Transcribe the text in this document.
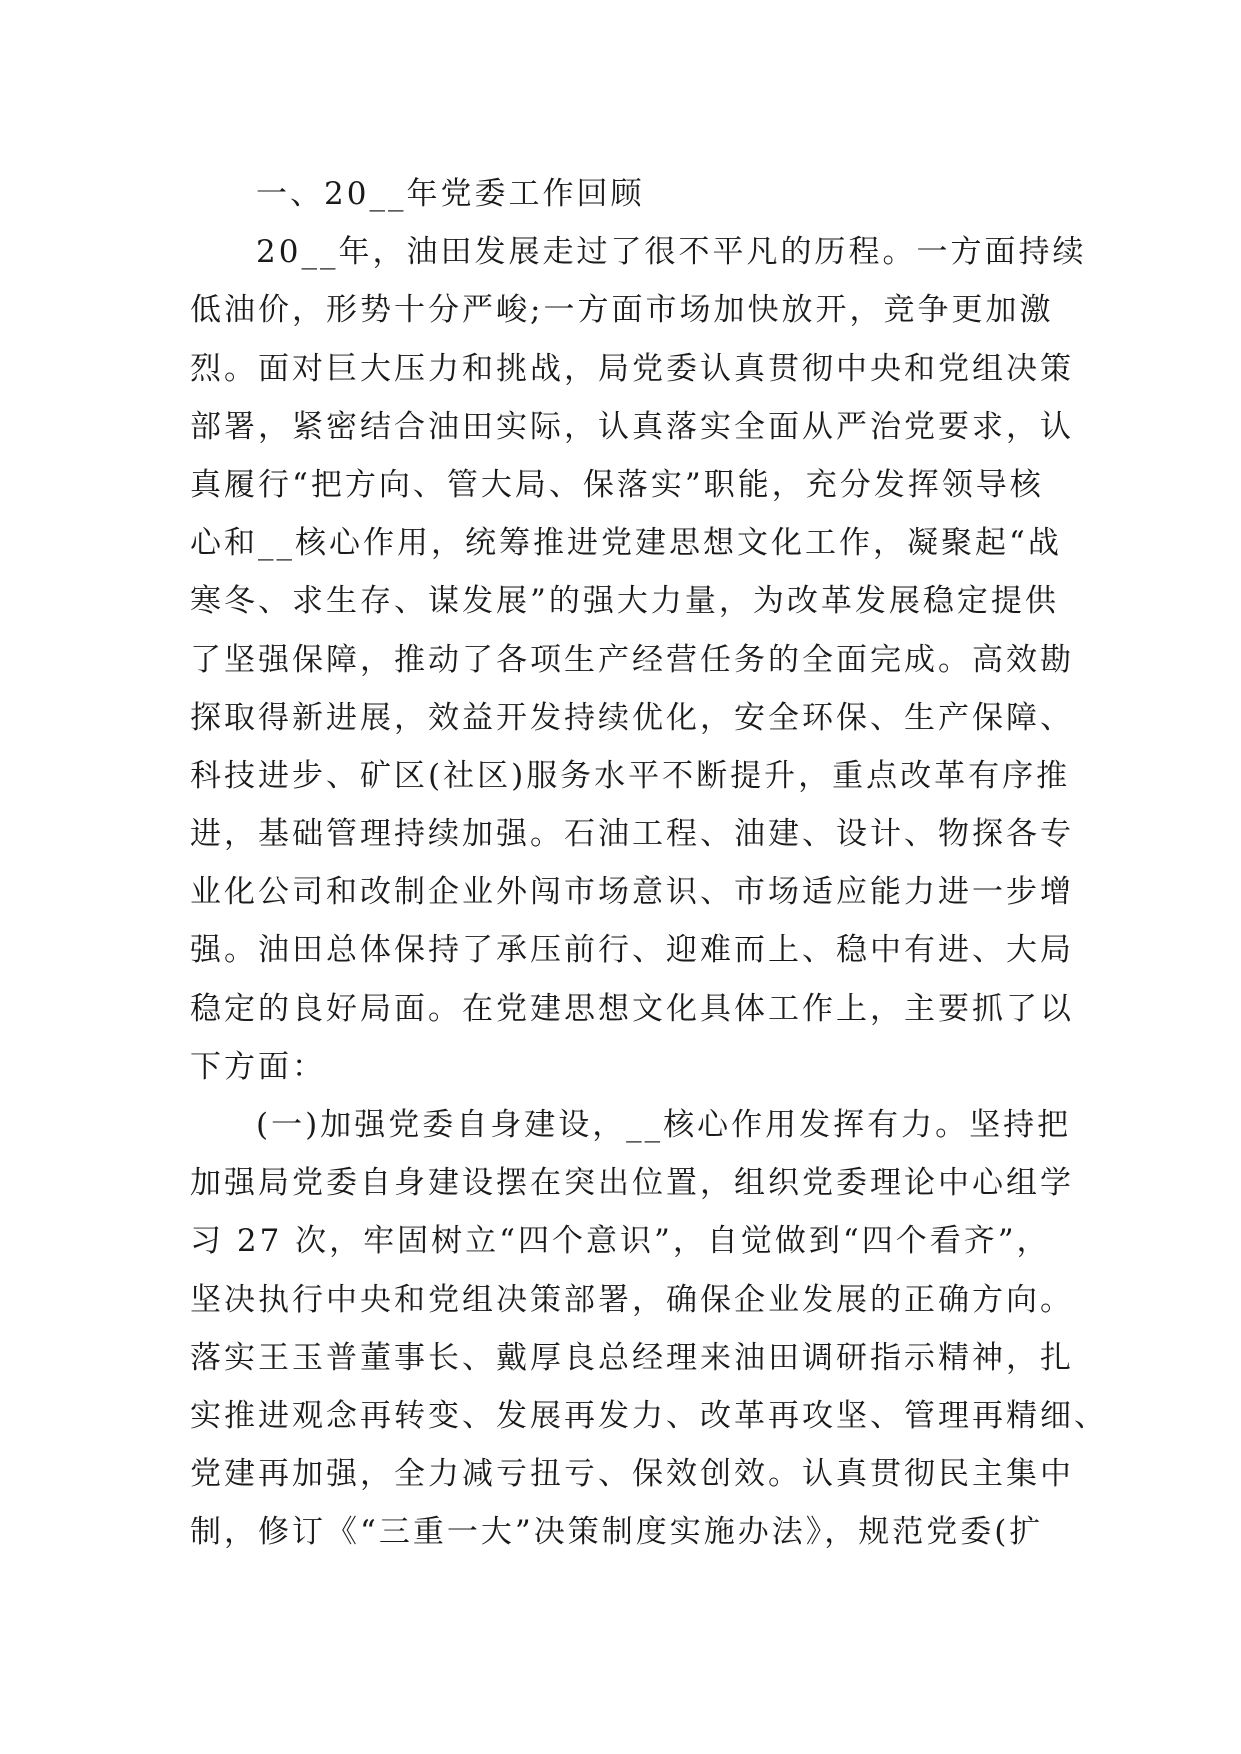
一、20__年党委工作回顾
20__年，油田发展走过了很不平凡的历程。一方面持续
低油价，形势十分严峻;一方面市场加快放开，竞争更加激
烈。面对巨大压力和挑战，局党委认真贯彻中央和党组决策
部署，紧密结合油田实际，认真落实全面从严治党要求，认
真履行“把方向、管大局、保落实”职能，充分发挥领导核
心和__核心作用，统筹推进党建思想文化工作，凝聚起“战
寒冬、求生存、谋发展”的强大力量，为改革发展稳定提供
了坚强保障，推动了各项生产经营任务的全面完成。高效勘
探取得新进展，效益开发持续优化，安全环保、生产保障、
科技进步、矿区(社区)服务水平不断提升，重点改革有序推
进，基础管理持续加强。石油工程、油建、设计、物探各专
业化公司和改制企业外闯市场意识、市场适应能力进一步增
强。油田总体保持了承压前行、迎难而上、稳中有进、大局
稳定的良好局面。在党建思想文化具体工作上，主要抓了以
下方面：
(一)加强党委自身建设，__核心作用发挥有力。坚持把
加强局党委自身建设摆在突出位置，组织党委理论中心组学
习 27 次，牢固树立“四个意识”，自觉做到“四个看齐”，
坚决执行中央和党组决策部署，确保企业发展的正确方向。
落实王玉普董事长、戴厚良总经理来油田调研指示精神，扎
实推进观念再转变、发展再发力、改革再攻坚、管理再精细、
党建再加强，全力减亏扭亏、保效创效。认真贯彻民主集中
制，修订《“三重一大”决策制度实施办法》，规范党委(扩
